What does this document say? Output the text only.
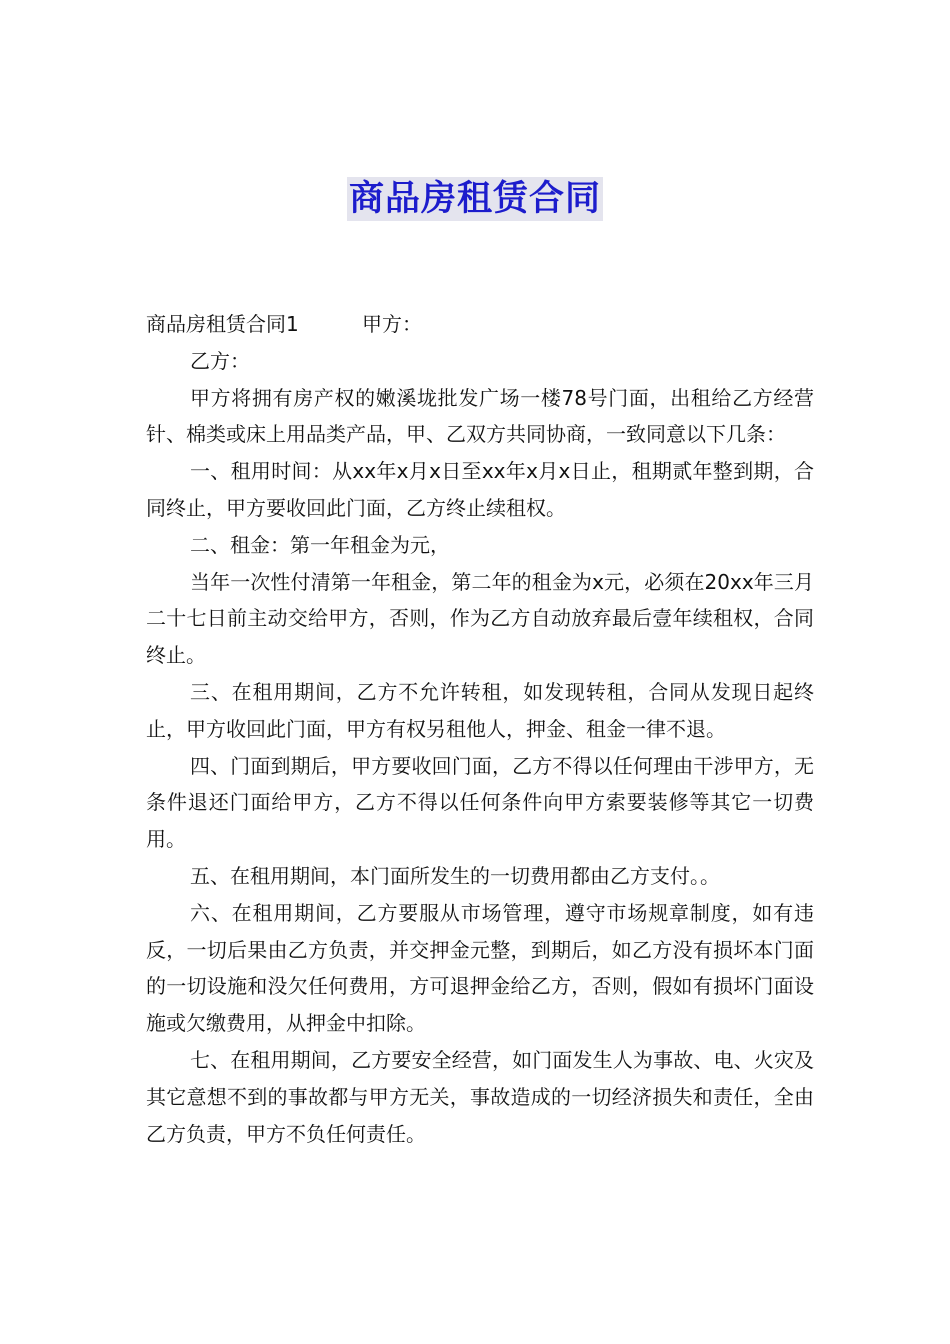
商品房租赁合同

商品房租赁合同1	甲方：

乙方：

甲方将拥有房产权的嫩溪垅批发广场一楼78号门面，出租给乙方经营针、棉类或床上用品类产品，甲、乙双方共同协商，一致同意以下几条：

一、租用时间：从xx年x月x日至xx年x月x日止，租期贰年整到期，合同终止，甲方要收回此门面，乙方终止续租权。

二、租金：第一年租金为元，

当年一次性付清第一年租金，第二年的租金为x元，必须在20xx年三月二十七日前主动交给甲方，否则，作为乙方自动放弃最后壹年续租权，合同终止。

三、在租用期间，乙方不允许转租，如发现转租，合同从发现日起终止，甲方收回此门面，甲方有权另租他人，押金、租金一律不退。

四、门面到期后，甲方要收回门面，乙方不得以任何理由干涉甲方，无条件退还门面给甲方，乙方不得以任何条件向甲方索要装修等其它一切费用。

五、在租用期间，本门面所发生的一切费用都由乙方支付。。

六、在租用期间，乙方要服从市场管理，遵守市场规章制度，如有违反，一切后果由乙方负责，并交押金元整，到期后，如乙方没有损坏本门面的一切设施和没欠任何费用，方可退押金给乙方，否则，假如有损坏门面设施或欠缴费用，从押金中扣除。

七、在租用期间，乙方要安全经营，如门面发生人为事故、电、火灾及其它意想不到的事故都与甲方无关，事故造成的一切经济损失和责任，全由乙方负责，甲方不负任何责任。
